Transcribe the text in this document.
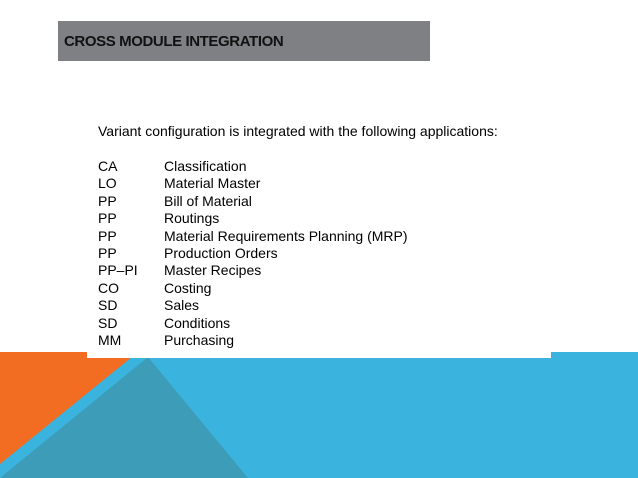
CROSS MODULE INTEGRATION
Variant configuration is integrated with the following applications:
CA	Classification
LO	Material Master
PP	Bill of Material
PP	Routings
PP	Material Requirements Planning (MRP)
PP	Production Orders
PP–PI	Master Recipes
CO	Costing
SD	Sales
SD	Conditions
MM	Purchasing
